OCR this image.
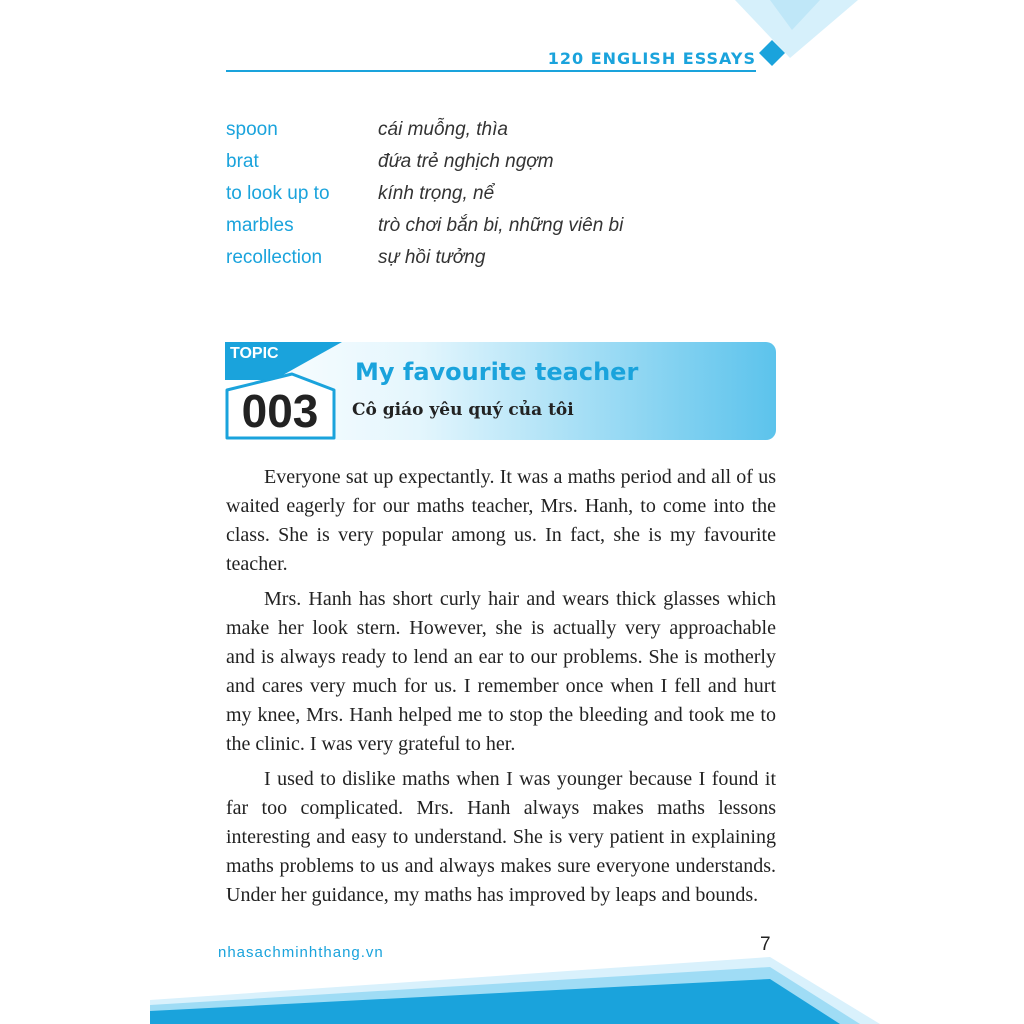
120 ENGLISH ESSAYS
spoon	cái muỗng, thìa
brat	đứa trẻ nghịch ngợm
to look up to	kính trọng, nể
marbles	trò chơi bắn bi, những viên bi
recollection	sự hồi tưởng
TOPIC
003
My favourite teacher
Cô giáo yêu quý của tôi

Everyone sat up expectantly. It was a maths period and all of us waited eagerly for our maths teacher, Mrs. Hanh, to come into the class. She is very popular among us. In fact, she is my favourite teacher.

Mrs. Hanh has short curly hair and wears thick glasses which make her look stern. However, she is actually very approachable and is always ready to lend an ear to our problems. She is motherly and cares very much for us. I remember once when I fell and hurt my knee, Mrs. Hanh helped me to stop the bleeding and took me to the clinic. I was very grateful to her.

I used to dislike maths when I was younger because I found it far too complicated. Mrs. Hanh always makes maths lessons interesting and easy to understand. She is very patient in explaining maths problems to us and always makes sure everyone understands. Under her guidance, my maths has improved by leaps and bounds.

nhasachminhthang.vn	7
